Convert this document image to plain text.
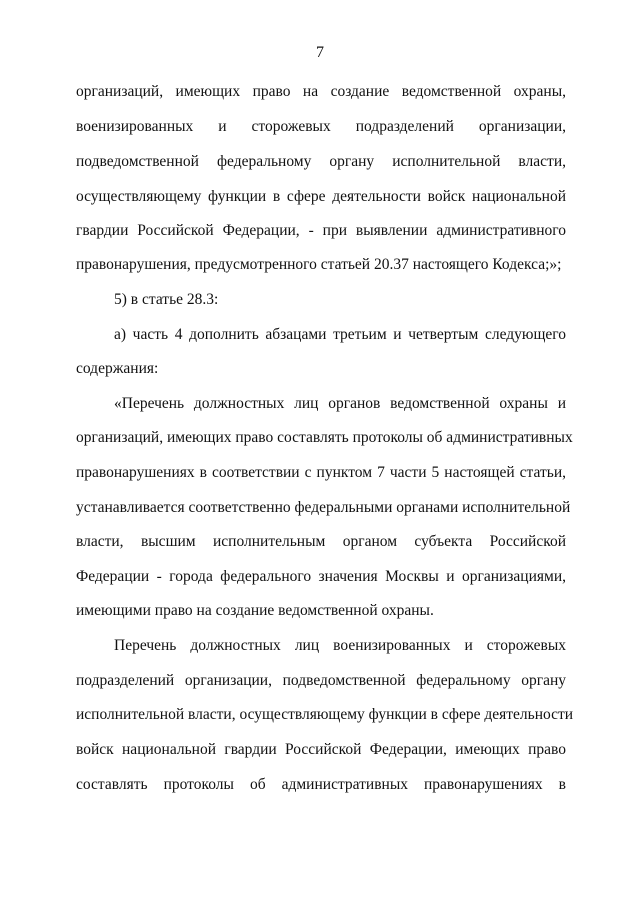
7
организаций, имеющих право на создание ведомственной охраны,
военизированных и сторожевых подразделений организации,
подведомственной федеральному органу исполнительной власти,
осуществляющему функции в сфере деятельности войск национальной
гвардии Российской Федерации, - при выявлении административного
правонарушения, предусмотренного статьей 20.37 настоящего Кодекса;»;
5) в статье 28.3:
а) часть 4 дополнить абзацами третьим и четвертым следующего
содержания:
«Перечень должностных лиц органов ведомственной охраны и
организаций, имеющих право составлять протоколы об административных
правонарушениях в соответствии с пунктом 7 части 5 настоящей статьи,
устанавливается соответственно федеральными органами исполнительной
власти, высшим исполнительным органом субъекта Российской
Федерации - города федерального значения Москвы и организациями,
имеющими право на создание ведомственной охраны.
Перечень должностных лиц военизированных и сторожевых
подразделений организации, подведомственной федеральному органу
исполнительной власти, осуществляющему функции в сфере деятельности
войск национальной гвардии Российской Федерации, имеющих право
составлять протоколы об административных правонарушениях в
